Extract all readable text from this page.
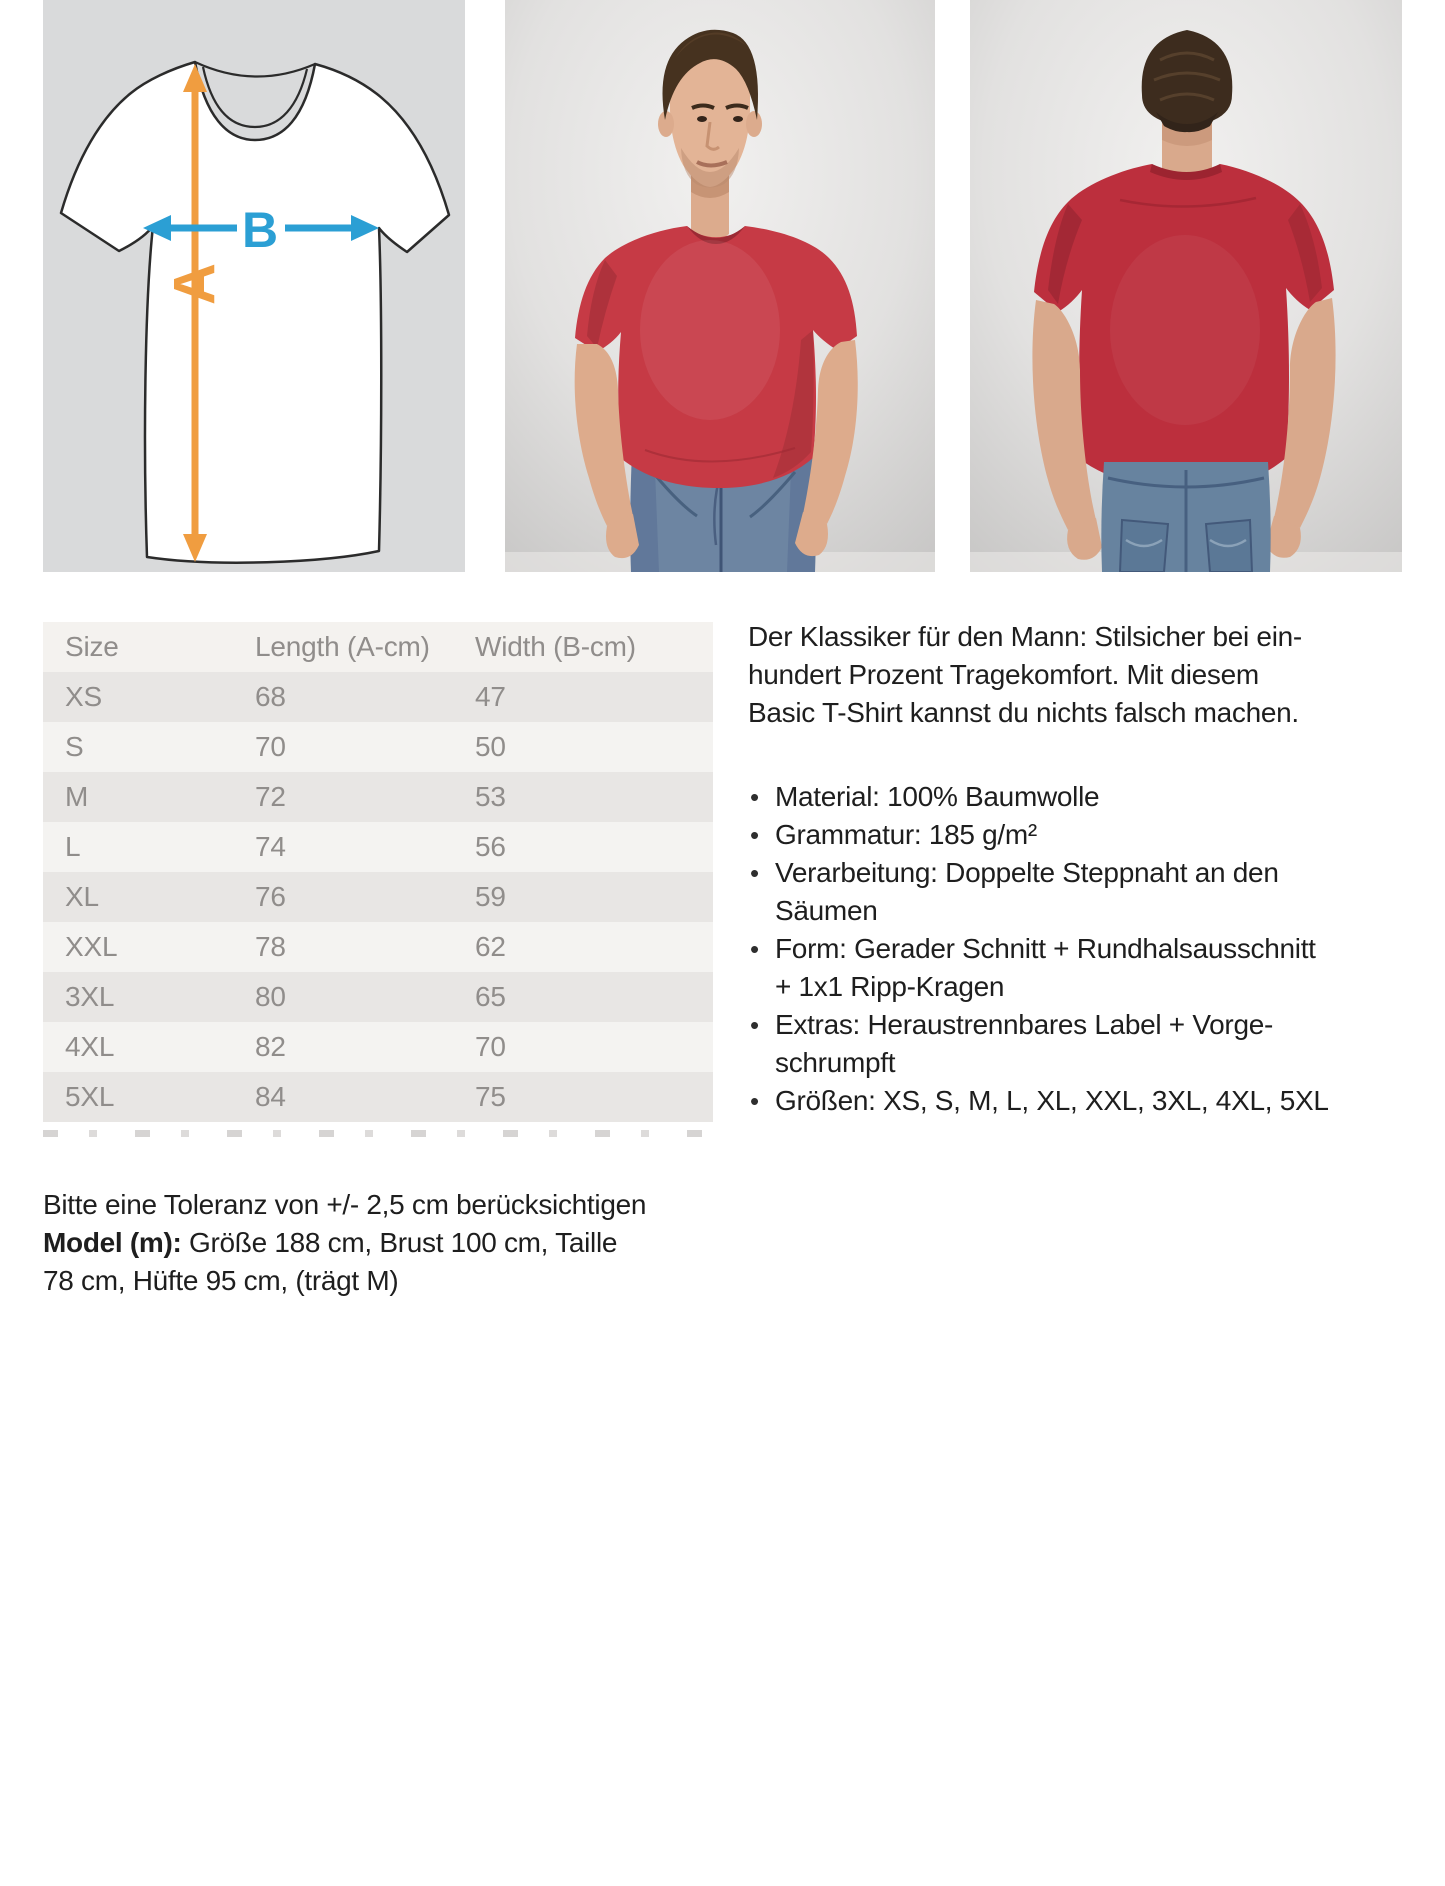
A
B
Size	Length (A-cm)	Width (B-cm)
XS	68	47
S	70	50
M	72	53
L	74	56
XL	76	59
XXL	78	62
3XL	80	65
4XL	82	70
5XL	84	75

Der Klassiker für den Mann: Stilsicher bei ein-
hundert Prozent Tragekomfort. Mit diesem
Basic T-Shirt kannst du nichts falsch machen.

• Material: 100% Baumwolle
• Grammatur: 185 g/m²
• Verarbeitung: Doppelte Steppnaht an den
Säumen
• Form: Gerader Schnitt + Rundhalsausschnitt
+ 1x1 Ripp-Kragen
• Extras: Heraustrennbares Label + Vorge-
schrumpft
• Größen: XS, S, M, L, XL, XXL, 3XL, 4XL, 5XL
Bitte eine Toleranz von +/- 2,5 cm berücksichtigen
Model (m): Größe 188 cm, Brust 100 cm, Taille
78 cm, Hüfte 95 cm, (trägt M)
